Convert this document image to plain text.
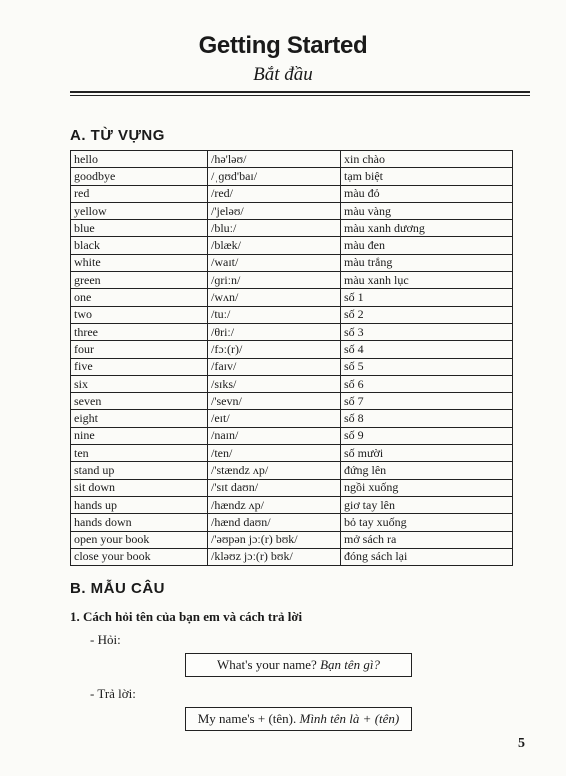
Getting Started
Bắt đầu
A. TỪ VỰNG
hello	/hə'ləʊ/	xin chào
goodbye	/ˌɡʊd'baɪ/	tạm biệt
red	/red/	màu đỏ
yellow	/'jeləʊ/	màu vàng
blue	/bluː/	màu xanh dương
black	/blæk/	màu đen
white	/waɪt/	màu trắng
green	/ɡriːn/	màu xanh lục
one	/wʌn/	số 1
two	/tuː/	số 2
three	/θriː/	số 3
four	/fɔː(r)/	số 4
five	/faɪv/	số 5
six	/sɪks/	số 6
seven	/'sevn/	số 7
eight	/eɪt/	số 8
nine	/naɪn/	số 9
ten	/ten/	số mười
stand up	/'stændz ʌp/	đứng lên
sit down	/'sɪt daʊn/	ngồi xuống
hands up	/hændz ʌp/	giơ tay lên
hands down	/hænd daʊn/	bỏ tay xuống
open your book	/'əʊpən jɔː(r) bʊk/	mở sách ra
close your book	/kləʊz jɔː(r) bʊk/	đóng sách lại
B. MẪU CÂU
1. Cách hỏi tên của bạn em và cách trả lời
- Hỏi:
What's your name? Bạn tên gì?
- Trả lời:
My name's + (tên). Mình tên là + (tên)
5
